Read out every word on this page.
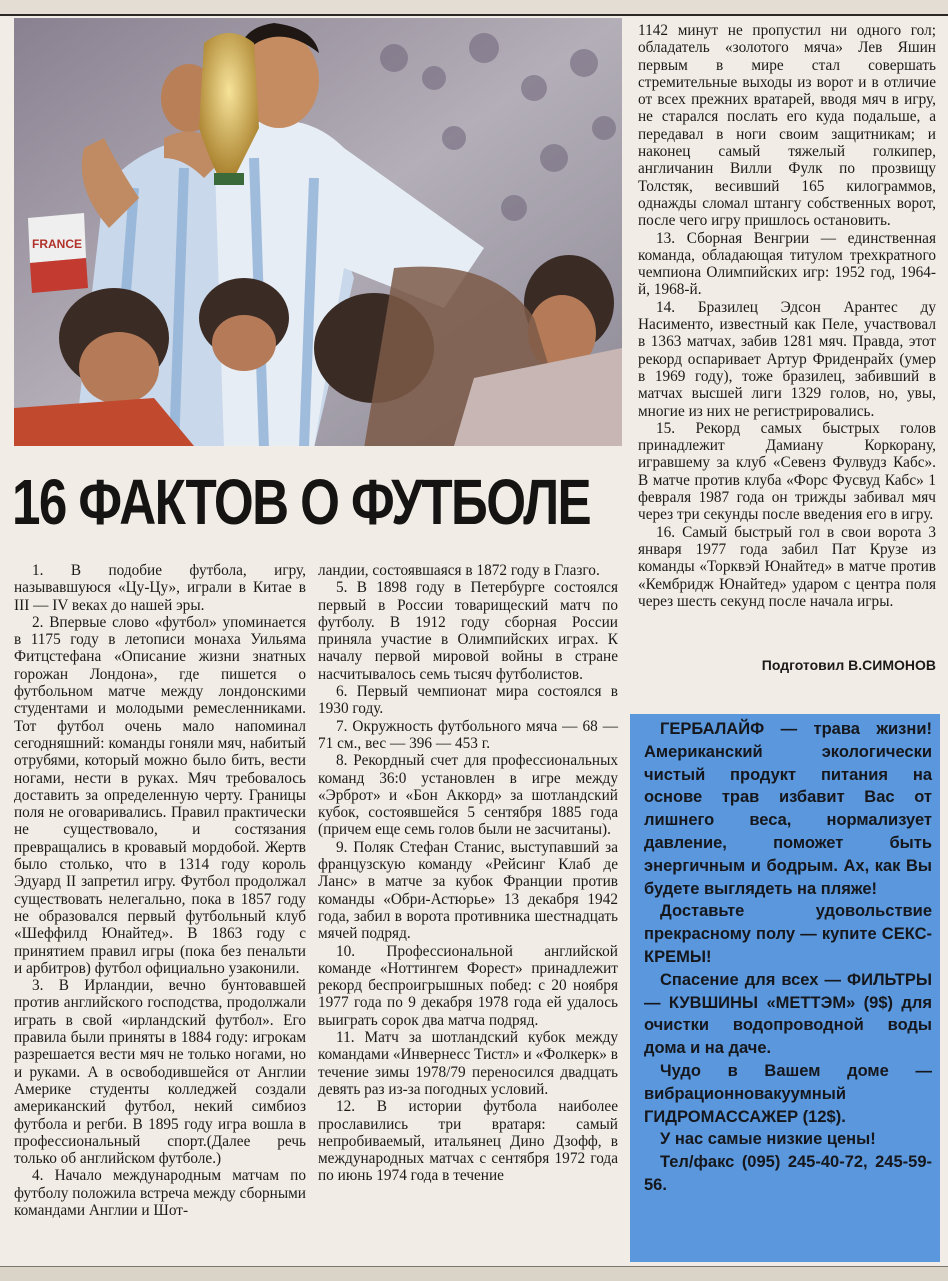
FRANCE
16 ФАКТОВ О ФУТБОЛЕ

1. В подобие футбола, игру, называвшуюся «Цу-Цу», играли в Китае в III — IV веках до нашей эры.

2. Впервые слово «футбол» упоминается в 1175 году в летописи монаха Уильяма Фитцстефана «Описание жизни знатных горожан Лондона», где пишется о футбольном матче между лондонскими студентами и молодыми ремесленниками. Тот футбол очень мало напоминал сегодняшний: команды гоняли мяч, набитый отрубями, который можно было бить, вести ногами, нести в руках. Мяч требовалось доставить за определенную черту. Границы поля не оговаривались. Правил практически не существовало, и состязания превращались в кровавый мордобой. Жертв было столько, что в 1314 году король Эдуард II запретил игру. Футбол продолжал существовать нелегально, пока в 1857 году не образовался первый футбольный клуб «Шеффилд Юнайтед». В 1863 году с принятием правил игры (пока без пенальти и арбитров) футбол официально узаконили.

3. В Ирландии, вечно бунтовавшей против английского господства, продолжали играть в свой «ирландский футбол». Его правила были приняты в 1884 году: игрокам разрешается вести мяч не только ногами, но и руками. А в освободившейся от Англии Америке студенты колледжей создали американский футбол, некий симбиоз футбола и регби. В 1895 году игра вошла в профессиональный спорт.(Далее речь только об английском футболе.)

4. Начало международным матчам по футболу положила встреча между сборными командами Англии и Шот-

ландии, состоявшаяся в 1872 году в Глазго.

5. В 1898 году в Петербурге состоялся первый в России товарищеский матч по футболу. В 1912 году сборная России приняла участие в Олимпийских играх. К началу первой мировой войны в стране насчитывалось семь тысяч футболистов.

6. Первый чемпионат мира состоялся в 1930 году.

7. Окружность футбольного мяча — 68 — 71 см., вес — 396 — 453 г.

8. Рекордный счет для профессиональных команд 36:0 установлен в игре между «Эрброт» и «Бон Аккорд» за шотландский кубок, состоявшейся 5 сентября 1885 года (причем еще семь голов были не засчитаны).

9. Поляк Стефан Станис, выступавший за французскую команду «Рейсинг Клаб де Ланс» в матче за кубок Франции против команды «Обри-Астюрье» 13 декабря 1942 года, забил в ворота противника шестнадцать мячей подряд.

10. Профессиональной английской команде «Ноттингем Форест» принадлежит рекорд беспроигрышных побед: с 20 ноября 1977 года по 9 декабря 1978 года ей удалось выиграть сорок два матча подряд.

11. Матч за шотландский кубок между командами «Инвернесс Тистл» и «Фолкерк» в течение зимы 1978/79 переносился двадцать девять раз из-за погодных условий.

12. В истории футбола наиболее прославились три вратаря: самый непробиваемый, итальянец Дино Дзофф, в международных матчах с сентября 1972 года по июнь 1974 года в течение

1142 минут не пропустил ни одного гол; обладатель «золотого мяча» Лев Яшин первым в мире стал совершать стремительные выходы из ворот и в отличие от всех прежних вратарей, вводя мяч в игру, не старался послать его куда подальше, а передавал в ноги своим защитникам; и наконец самый тяжелый голкипер, англичанин Вилли Фулк по прозвищу Толстяк, весивший 165 килограммов, однажды сломал штангу собственных ворот, после чего игру пришлось остановить.

13. Сборная Венгрии — единственная команда, обладающая титулом трехкратного чемпиона Олимпийских игр: 1952 год, 1964-й, 1968-й.

14. Бразилец Эдсон Арантес ду Насименто, известный как Пеле, участвовал в 1363 матчах, забив 1281 мяч. Правда, этот рекорд оспаривает Артур Фриденрайх (умер в 1969 году), тоже бразилец, забивший в матчах высшей лиги 1329 голов, но, увы, многие из них не регистрировались.

15. Рекорд самых быстрых голов принадлежит Дамиану Коркорану, игравшему за клуб «Севенз Фулвудз Кабс». В матче против клуба «Форс Фусвуд Кабс» 1 февраля 1987 года он трижды забивал мяч через три секунды после введения его в игру.

16. Самый быстрый гол в свои ворота 3 января 1977 года забил Пат Крузе из команды «Торквэй Юнайтед» в матче против «Кембридж Юнайтед» ударом с центра поля через шесть секунд после начала игры.

Подготовил В.СИМОНОВ

ГЕРБАЛАЙФ — трава жизни! Американский экологически чистый продукт питания на основе трав избавит Вас от лишнего веса, нормализует давление, поможет быть энергичным и бодрым. Ах, как Вы будете выглядеть на пляже!

Доставьте удовольствие прекрасному полу — купите СЕКС-КРЕМЫ!

Спасение для всех — ФИЛЬТРЫ — КУВШИНЫ «МЕТТЭМ» (9$) для очистки водопроводной воды дома и на даче.

Чудо в Вашем доме — вибрационновакуумный ГИДРОМАССАЖЕР (12$).

У нас самые низкие цены!

Тел/факс (095) 245-40-72, 245-59-56.
